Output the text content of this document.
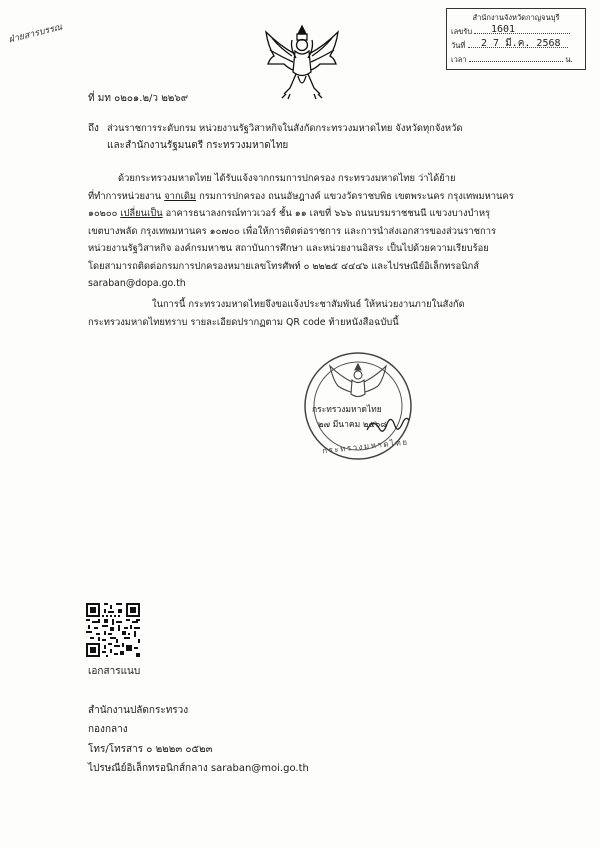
ฝ่ายสารบรรณ
สำนักงานจังหวัดกาญจนบุรี
เลขรับ 1601
วันที่ 2 7 มี.ค. 2568
เวลา	น.
ที่ มท ๐๒๐๑.๒/ว ๒๒๖๙
ถึง ส่วนราชการระดับกรม หน่วยงานรัฐวิสาหกิจในสังกัดกระทรวงมหาดไทย จังหวัดทุกจังหวัด
และสำนักงานรัฐมนตรี กระทรวงมหาดไทย
ด้วยกระทรวงมหาดไทย ได้รับแจ้งจากกรมการปกครอง กระทรวงมหาดไทย ว่าได้ย้าย
ที่ทำการหน่วยงาน จากเดิม กรมการปกครอง ถนนอัษฎางค์ แขวงวัดราชบพิธ เขตพระนคร กรุงเทพมหานคร
๑๐๒๐๐ เปลี่ยนเป็น อาคารธนาลงกรณ์ทาวเวอร์ ชั้น ๑๑ เลขที่ ๖๖๖ ถนนบรมราชชนนี แขวงบางบำหรุ
เขตบางพลัด กรุงเทพมหานคร ๑๐๗๐๐ เพื่อให้การติดต่อราชการ และการนำส่งเอกสารของส่วนราชการ
หน่วยงานรัฐวิสาหกิจ องค์กรมหาชน สถาบันการศึกษา และหน่วยงานอิสระ เป็นไปด้วยความเรียบร้อย
โดยสามารถติดต่อกรมการปกครองหมายเลขโทรศัพท์ ๐ ๒๒๒๕ ๔๔๔๖ และไปรษณีย์อิเล็กทรอนิกส์
saraban@dopa.go.th
ในการนี้ กระทรวงมหาดไทยจึงขอแจ้งประชาสัมพันธ์ ให้หน่วยงานภายในสังกัด
กระทรวงมหาดไทยทราบ รายละเอียดปรากฏตาม QR code ท้ายหนังสือฉบับนี้
กระทรวงมหาดไทย
๒๗ มีนาคม ๒๕๖๘
กระทรวงมหาดไทย
เอกสารแนบ
สำนักงานปลัดกระทรวง
กองกลาง
โทร/โทรสาร ๐ ๒๒๒๓ ๐๕๒๓
ไปรษณีย์อิเล็กทรอนิกส์กลาง saraban@moi.go.th
